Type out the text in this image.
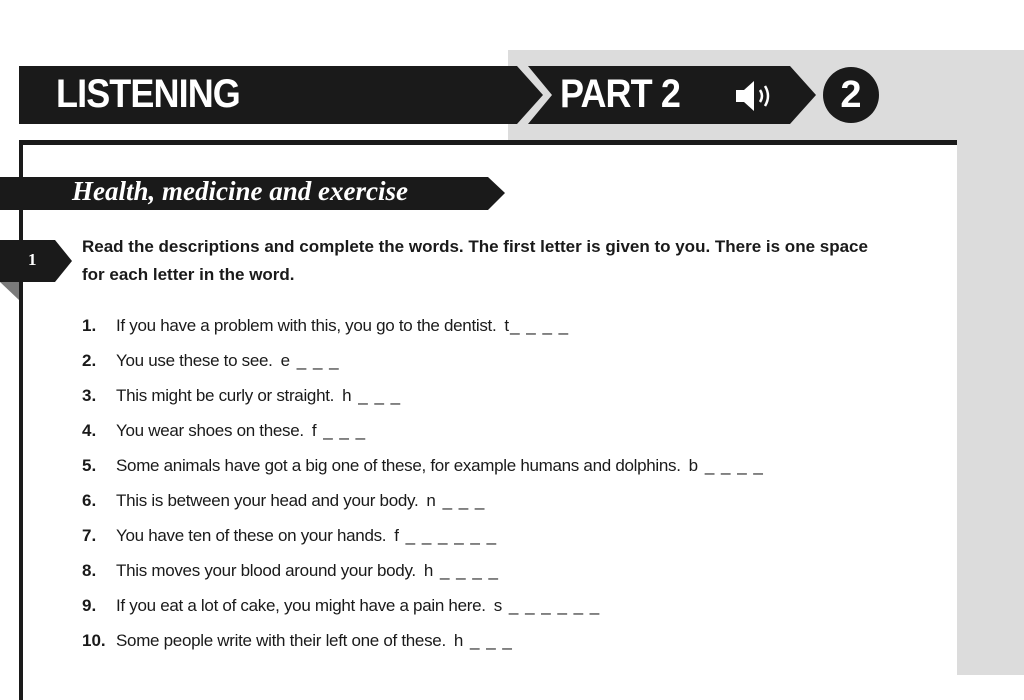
LISTENING	PART 2	2
Health, medicine and exercise
1
Read the descriptions and complete the words. The first letter is given to you. There is one space for each letter in the word.
1. If you have a problem with this, you go to the dentist. t_ _ _ _
2. You use these to see. e _ _ _
3. This might be curly or straight. h _ _ _
4. You wear shoes on these. f _ _ _
5. Some animals have got a big one of these, for example humans and dolphins. b _ _ _ _
6. This is between your head and your body. n _ _ _
7. You have ten of these on your hands. f _ _ _ _ _ _
8. This moves your blood around your body. h _ _ _ _
9. If you eat a lot of cake, you might have a pain here. s _ _ _ _ _ _
10. Some people write with their left one of these. h _ _ _
